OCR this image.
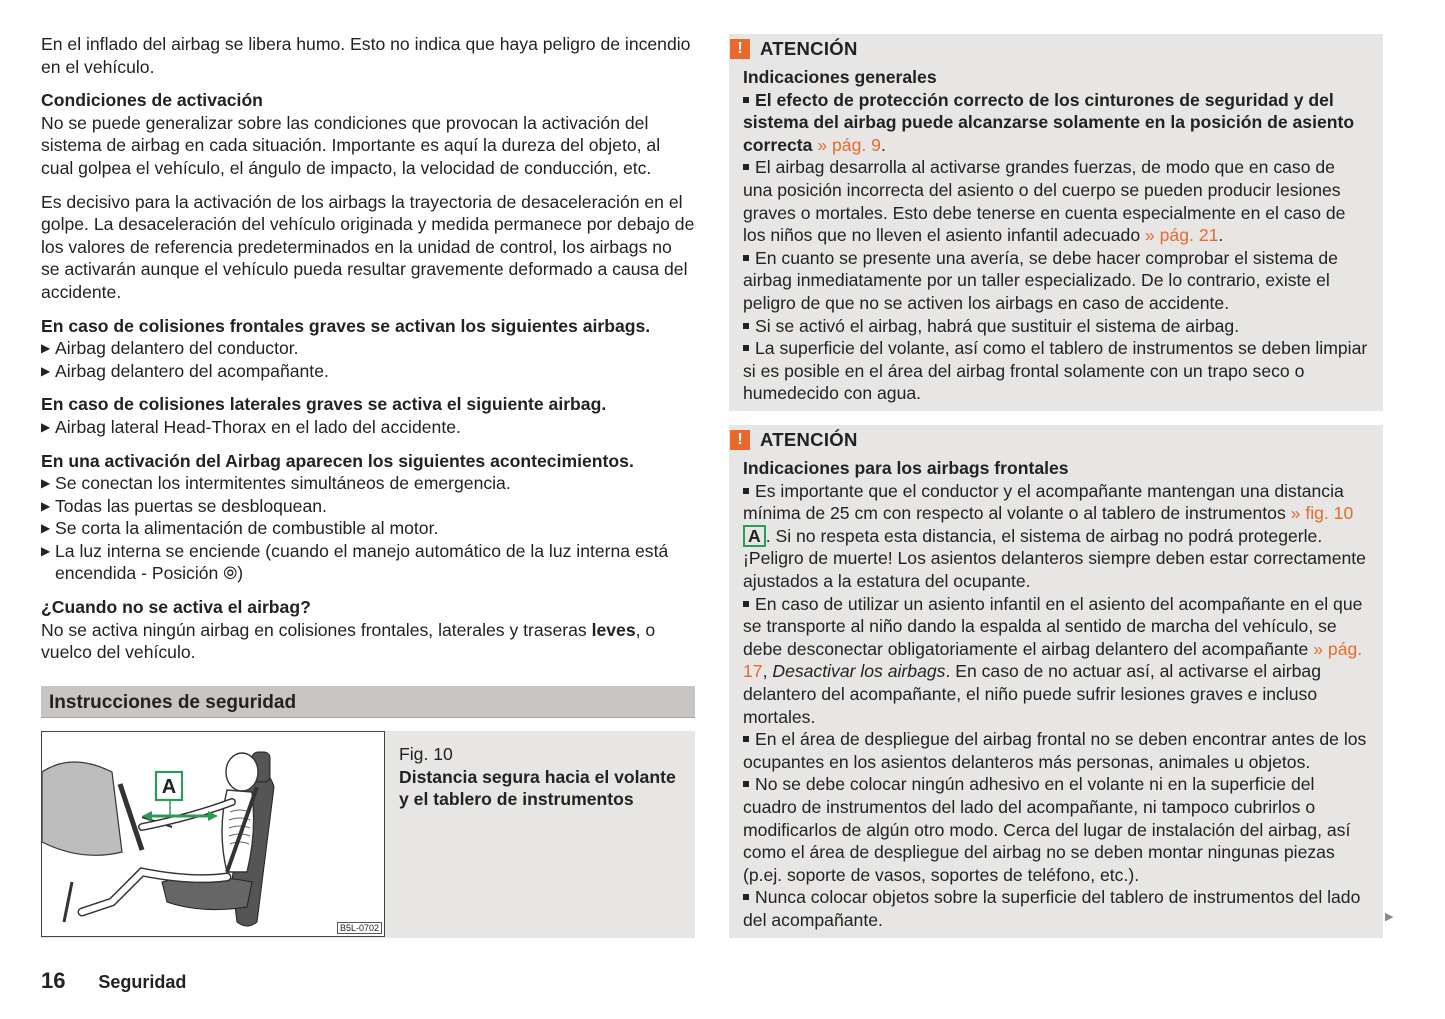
En el inflado del airbag se libera humo. Esto no indica que haya peligro de incendio en el vehículo.

Condiciones de activación

No se puede generalizar sobre las condiciones que provocan la activación del sistema de airbag en cada situación. Importante es aquí la dureza del objeto, al cual golpea el vehículo, el ángulo de impacto, la velocidad de conducción, etc.

Es decisivo para la activación de los airbags la trayectoria de desaceleración en el golpe. La desaceleración del vehículo originada y medida permanece por debajo de los valores de referencia predeterminados en la unidad de control, los airbags no se activarán aunque el vehículo pueda resultar gravemente deformado a causa del accidente.

En caso de colisiones frontales graves se activan los siguientes airbags.

▶ Airbag delantero del conductor.
▶ Airbag delantero del acompañante.

En caso de colisiones laterales graves se activa el siguiente airbag.

▶ Airbag lateral Head-Thorax en el lado del accidente.

En una activación del Airbag aparecen los siguientes acontecimientos.

▶ Se conectan los intermitentes simultáneos de emergencia.
▶ Todas las puertas se desbloquean.
▶ Se corta la alimentación de combustible al motor.
▶ La luz interna se enciende (cuando el manejo automático de la luz interna está encendida - Posición ⦾)

¿Cuando no se activa el airbag?

No se activa ningún airbag en colisiones frontales, laterales y traseras leves, o vuelco del vehículo.

Instrucciones de seguridad
A
B5L-0702

Fig. 10

Distancia segura hacia el volante y el tablero de instrumentos

16 Seguridad
! ATENCIÓN

Indicaciones generales

El efecto de protección correcto de los cinturones de seguridad y del sistema del airbag puede alcanzarse solamente en la posición de asiento correcta » pág. 9.

El airbag desarrolla al activarse grandes fuerzas, de modo que en caso de una posición incorrecta del asiento o del cuerpo se pueden producir lesiones graves o mortales. Esto debe tenerse en cuenta especialmente en el caso de los niños que no lleven el asiento infantil adecuado » pág. 21.

En cuanto se presente una avería, se debe hacer comprobar el sistema de airbag inmediatamente por un taller especializado. De lo contrario, existe el peligro de que no se activen los airbags en caso de accidente.

Si se activó el airbag, habrá que sustituir el sistema de airbag.

La superficie del volante, así como el tablero de instrumentos se deben limpiar si es posible en el área del airbag frontal solamente con un trapo seco o humedecido con agua.

! ATENCIÓN

Indicaciones para los airbags frontales

Es importante que el conductor y el acompañante mantengan una distancia mínima de 25 cm con respecto al volante o al tablero de instrumentos » fig. 10 A . Si no respeta esta distancia, el sistema de airbag no podrá protegerle. ¡Peligro de muerte! Los asientos delanteros siempre deben estar correctamente ajustados a la estatura del ocupante.

En caso de utilizar un asiento infantil en el asiento del acompañante en el que se transporte al niño dando la espalda al sentido de marcha del vehículo, se debe desconectar obligatoriamente el airbag delantero del acompañante » pág. 17, Desactivar los airbags. En caso de no actuar así, al activarse el airbag delantero del acompañante, el niño puede sufrir lesiones graves e incluso mortales.

En el área de despliegue del airbag frontal no se deben encontrar antes de los ocupantes en los asientos delanteros más personas, animales u objetos.

No se debe colocar ningún adhesivo en el volante ni en la superficie del cuadro de instrumentos del lado del acompañante, ni tampoco cubrirlos o modificarlos de algún otro modo. Cerca del lugar de instalación del airbag, así como el área de despliegue del airbag no se deben montar ningunas piezas (p.ej. soporte de vasos, soportes de teléfono, etc.).

Nunca colocar objetos sobre la superficie del tablero de instrumentos del lado del acompañante.	▶
